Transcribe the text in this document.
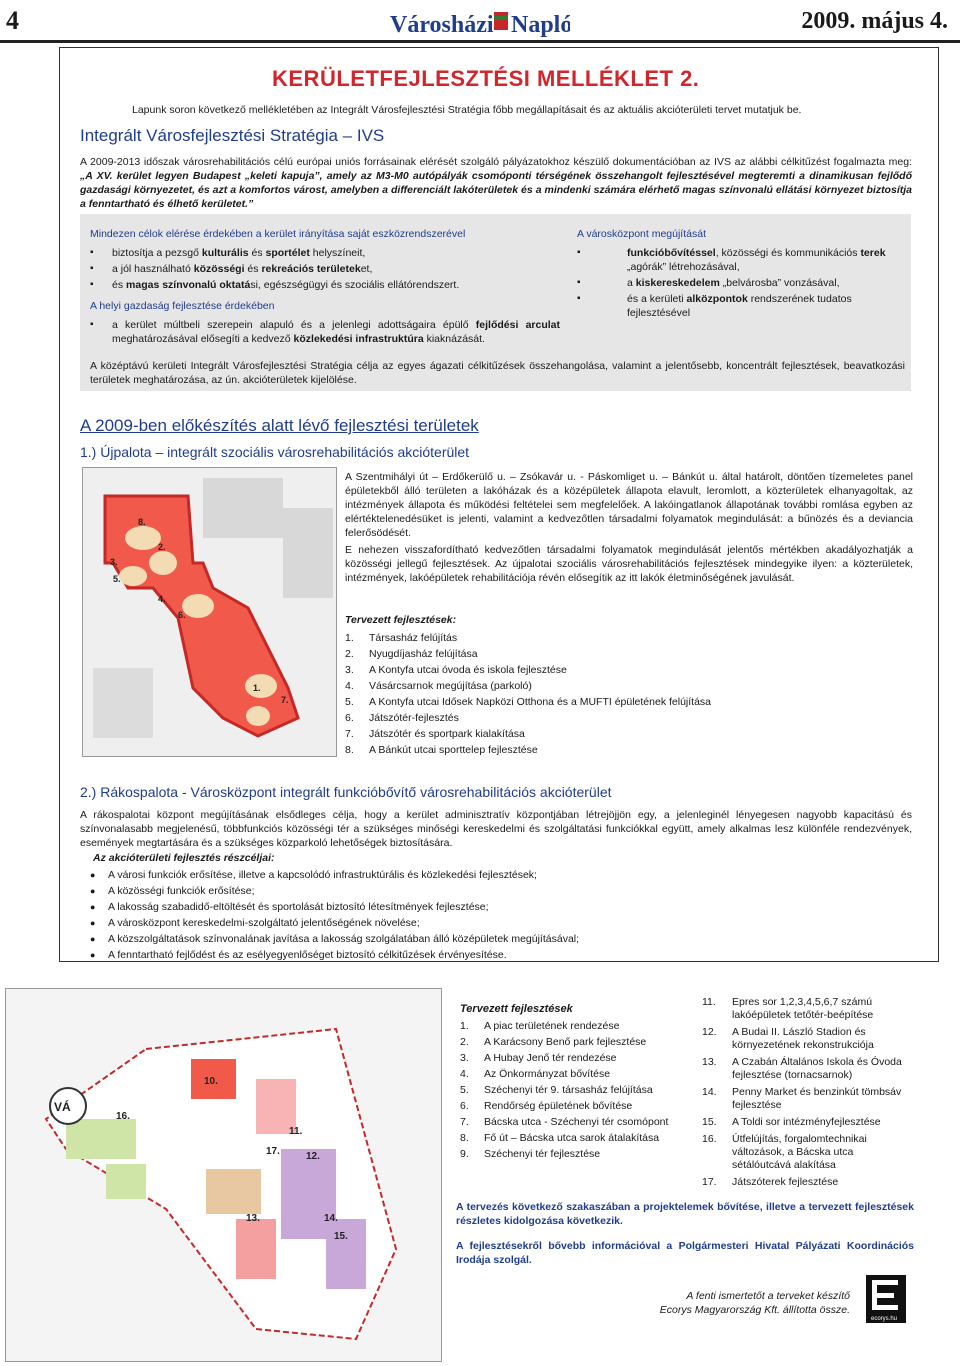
4	Városházi Napló	2009. május 4.
KERÜLETFEJLESZTÉSI MELLÉKLET 2.
Lapunk soron következő mellékletében az Integrált Városfejlesztési Stratégia főbb megállapításait és az aktuális akcióterületi tervet mutatjuk be.
Integrált Városfejlesztési Stratégia – IVS
A 2009-2013 időszak városrehabilitációs célú európai uniós forrásainak elérését szolgáló pályázatokhoz készülő dokumentációban az IVS az alábbi célkitűzést fogalmazta meg: „A XV. kerület legyen Budapest „keleti kapuja”, amely az M3-M0 autópályák csomóponti térségének összehangolt fejlesztésével megteremti a dinamikusan fejlődő gazdasági környezetet, és azt a komfortos várost, amelyben a differenciált lakóterületek és a mindenki számára elérhető magas színvonalú ellátási környezet biztosítja a fenntartható és élhető kerületet.”
Mindezen célok elérése érdekében a kerület irányítása saját eszközrendszerével
▪ biztosítja a pezsgő kulturális és sportélet helyszíneit,
▪ a jól használható közösségi és rekreációs területeket,
▪ és magas színvonalú oktatási, egészségügyi és szociális ellátórendszert.
A helyi gazdaság fejlesztése érdekében
▪ a kerület múltbeli szerepein alapuló és a jelenlegi adottságaira épülő fejlődési arculat meghatározásával elősegíti a kedvező közlekedési infrastruktúra kiaknázását.
A városközpont megújítását
▪ funkcióbővítéssel, közösségi és kommunikációs terek „agórák” létrehozásával,
▪ a kiskereskedelem „belvárosba” vonzásával,
▪ és a kerületi alközpontok rendszerének tudatos fejlesztésével
A középtávú kerületi Integrált Városfejlesztési Stratégia célja az egyes ágazati célkitűzések összehangolása, valamint a jelentősebb, koncentrált fejlesztések, beavatkozási területek meghatározása, az ún. akcióterületek kijelölése.
A 2009-ben előkészítés alatt lévő fejlesztési területek
1.) Újpalota – integrált szociális városrehabilitációs akcióterület
8.
2.
3.
5.
4.
6.
1.
7.
A Szentmihályi út – Erdőkerülő u. – Zsókavár u. - Páskomliget u. – Bánkút u. által határolt, döntően tízemeletes panel épületekből álló területen a lakóházak és a középületek állapota elavult, leromlott, a közterületek elhanyagoltak, az intézmények állapota és működési feltételei sem megfelelőek. A lakóingatlanok állapotának további romlása egyben az elértéktelenedésüket is jelenti, valamint a kedvezőtlen társadalmi folyamatok megindulását: a bűnözés és a deviancia felerősödését.
E nehezen visszafordítható kedvezőtlen társadalmi folyamatok megindulását jelentős mértékben akadályozhatják a közösségi jellegű fejlesztések. Az újpalotai szociális városrehabilitációs fejlesztések mindegyike ilyen: a közterületek, intézmények, lakóépületek rehabilitációja révén elősegítik az itt lakók életminőségének javulását.
Tervezett fejlesztések:
1.	Társasház felújítás
2.	Nyugdíjasház felújítása
3.	A Kontyfa utcai óvoda és iskola fejlesztése
4.	Vásárcsarnok megújítása (parkoló)
5.	A Kontyfa utcai Idősek Napközi Otthona és a MUFTI épületének felújítása
6.	Játszótér-fejlesztés
7.	Játszótér és sportpark kialakítása
8.	A Bánkút utcai sporttelep fejlesztése
2.) Rákospalota - Városközpont integrált funkcióbővítő városrehabilitációs akcióterület
A rákospalotai központ megújításának elsődleges célja, hogy a kerület adminisztratív központjában létrejöjjön egy, a jelenleginél lényegesen nagyobb kapacitású és színvonalasabb megjelenésű, többfunkciós közösségi tér a szükséges minőségi kereskedelmi és szolgáltatási funkciókkal együtt, amely alkalmas lesz különféle rendezvények, események megtartására és a szükséges közparkoló lehetőségek biztosítására.
Az akcióterületi fejlesztés részcéljai:
● A városi funkciók erősítése, illetve a kapcsolódó infrastruktúrális és közlekedési fejlesztések;
● A közösségi funkciók erősítése;
● A lakosság szabadidő-eltöltését és sportolását biztosító létesítmények fejlesztése;
● A városközpont kereskedelmi-szolgáltató jelentőségének növelése;
● A közszolgáltatások színvonalának javítása a lakosság szolgálatában álló középületek megújításával;
● A fenntartható fejlődést és az esélyegyenlőséget biztosító célkitűzések érvényesítése.
VÁ
10.
11.
12.
13.	14.
15.
16.
17.
Tervezett fejlesztések
1.	A piac területének rendezése
2.	A Karácsony Benő park fejlesztése
3.	A Hubay Jenő tér rendezése
4.	Az Önkormányzat bővítése
5.	Széchenyi tér 9. társasház felújítása
6.	Rendőrség épületének bővítése
7.	Bácska utca - Széchenyi tér csomópont
8.	Fő út – Bácska utca sarok átalakítása
9.	Széchenyi tér fejlesztése
11.	Epres sor 1,2,3,4,5,6,7 számú lakóépületek tetőtér-beépítése
12.	A Budai II. László Stadion és környezetének rekonstrukciója
13.	A Czabán Általános Iskola és Óvoda fejlesztése (tornacsarnok)
14.	Penny Market és benzinkút tömbsáv fejlesztése
15.	A Toldi sor intézményfejlesztése
16.	Útfelújítás, forgalomtechnikai változások, a Bácska utca sétálóutcává alakítása
17.	Játszóterek fejlesztése
A tervezés következő szakaszában a projektelemek bővítése, illetve a tervezett fejlesztések részletes kidolgozása következik.
A fejlesztésekről bővebb információval a Polgármesteri Hivatal Pályázati Koordinációs Irodája szolgál.
A fenti ismertetőt a terveket készítő
Ecorys Magyarország Kft. állította össze.
ecorys.hu
